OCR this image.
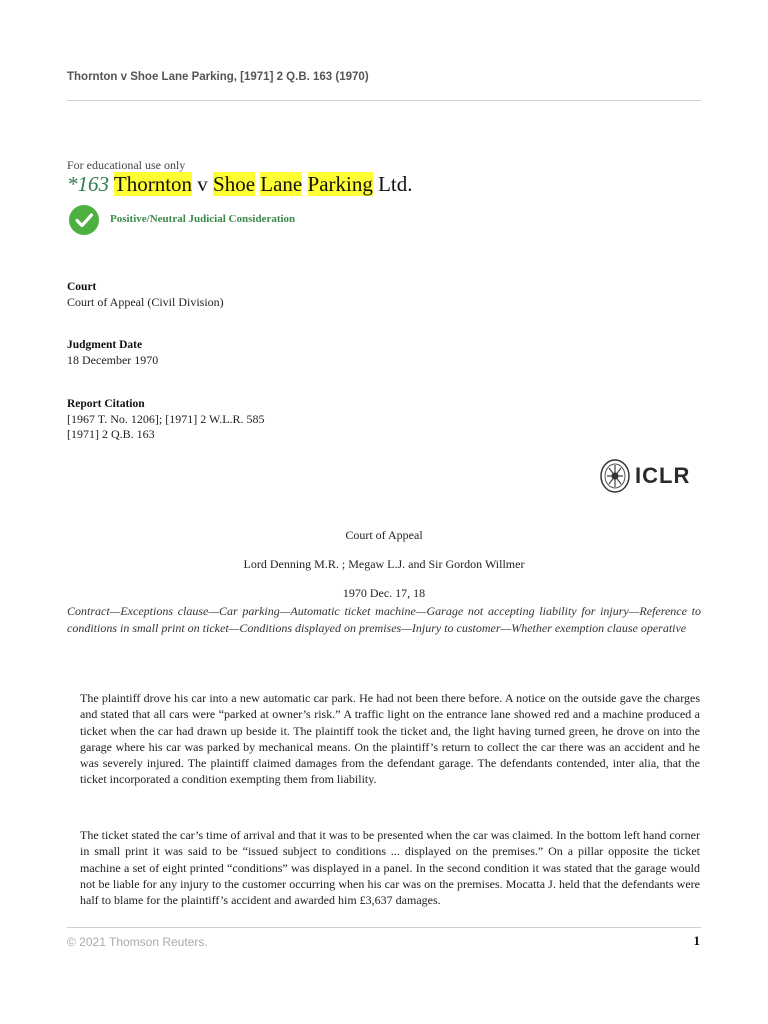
Thornton v Shoe Lane Parking, [1971] 2 Q.B. 163 (1970)
For educational use only
*163 Thornton v Shoe Lane Parking Ltd.
Positive/Neutral Judicial Consideration
Court
Court of Appeal (Civil Division)
Judgment Date
18 December 1970
Report Citation
[1967 T. No. 1206]; [1971] 2 W.L.R. 585
[1971] 2 Q.B. 163
ICLR
Court of Appeal
Lord Denning M.R. ; Megaw L.J. and Sir Gordon Willmer
1970 Dec. 17, 18
Contract—Exceptions clause—Car parking—Automatic ticket machine—Garage not accepting liability for injury—Reference to conditions in small print on ticket—Conditions displayed on premises—Injury to customer—Whether exemption clause operative
The plaintiff drove his car into a new automatic car park. He had not been there before. A notice on the outside gave the charges and stated that all cars were “parked at owner’s risk.” A traffic light on the entrance lane showed red and a machine produced a ticket when the car had drawn up beside it. The plaintiff took the ticket and, the light having turned green, he drove on into the garage where his car was parked by mechanical means. On the plaintiff’s return to collect the car there was an accident and he was severely injured. The plaintiff claimed damages from the defendant garage. The defendants contended, inter alia, that the ticket incorporated a condition exempting them from liability.
The ticket stated the car’s time of arrival and that it was to be presented when the car was claimed. In the bottom left hand corner in small print it was said to be “issued subject to conditions ... displayed on the premises.” On a pillar opposite the ticket machine a set of eight printed “conditions” was displayed in a panel. In the second condition it was stated that the garage would not be liable for any injury to the customer occurring when his car was on the premises. Mocatta J. held that the defendants were half to blame for the plaintiff’s accident and awarded him £3,637 damages.
© 2021 Thomson Reuters.	1
